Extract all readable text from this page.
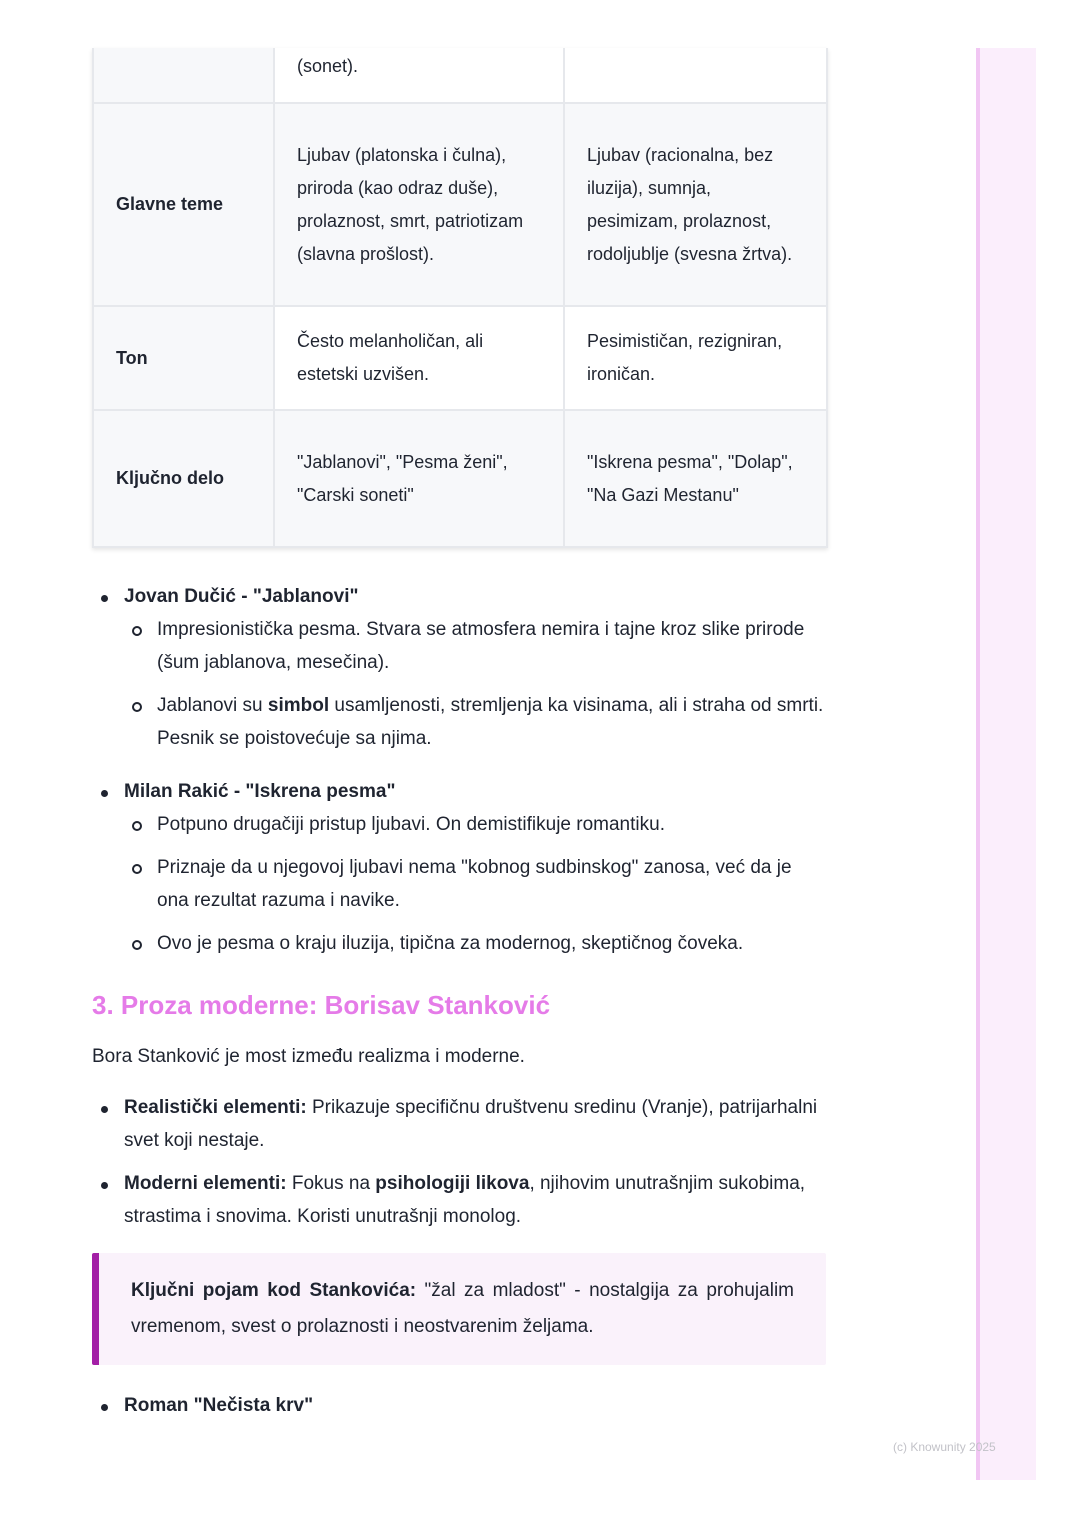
	(sonet).	
Glavne teme	Ljubav (platonska i čulna), priroda (kao odraz duše), prolaznost, smrt, patriotizam (slavna prošlost).	Ljubav (racionalna, bez iluzija), sumnja, pesimizam, prolaznost, rodoljublje (svesna žrtva).
Ton	Često melanholičan, ali estetski uzvišen.	Pesimističan, rezigniran, ironičan.
Ključno delo	"Jablanovi", "Pesma ženi", "Carski soneti"	"Iskrena pesma", "Dolap", "Na Gazi Mestanu"
Jovan Dučić - "Jablanovi"
Impresionistička pesma. Stvara se atmosfera nemira i tajne kroz slike prirode (šum jablanova, mesečina).
Jablanovi su simbol usamljenosti, stremljenja ka visinama, ali i straha od smrti. Pesnik se poistovećuje sa njima.
Milan Rakić - "Iskrena pesma"
Potpuno drugačiji pristup ljubavi. On demistifikuje romantiku.
Priznaje da u njegovoj ljubavi nema "kobnog sudbinskog" zanosa, već da je ona rezultat razuma i navike.
Ovo je pesma o kraju iluzija, tipična za modernog, skeptičnog čoveka.
3. Proza moderne: Borisav Stanković

Bora Stanković je most između realizma i moderne.

Realistički elementi: Prikazuje specifičnu društvenu sredinu (Vranje), patrijarhalni svet koji nestaje.
Moderni elementi: Fokus na psihologiji likova, njihovim unutrašnjim sukobima, strastima i snovima. Koristi unutrašnji monolog.
Ključni pojam kod Stankovića: "žal za mladost" - nostalgija za prohujalim vremenom, svest o prolaznosti i neostvarenim željama.
Roman "Nečista krv"
(c) Knowunity 2025
